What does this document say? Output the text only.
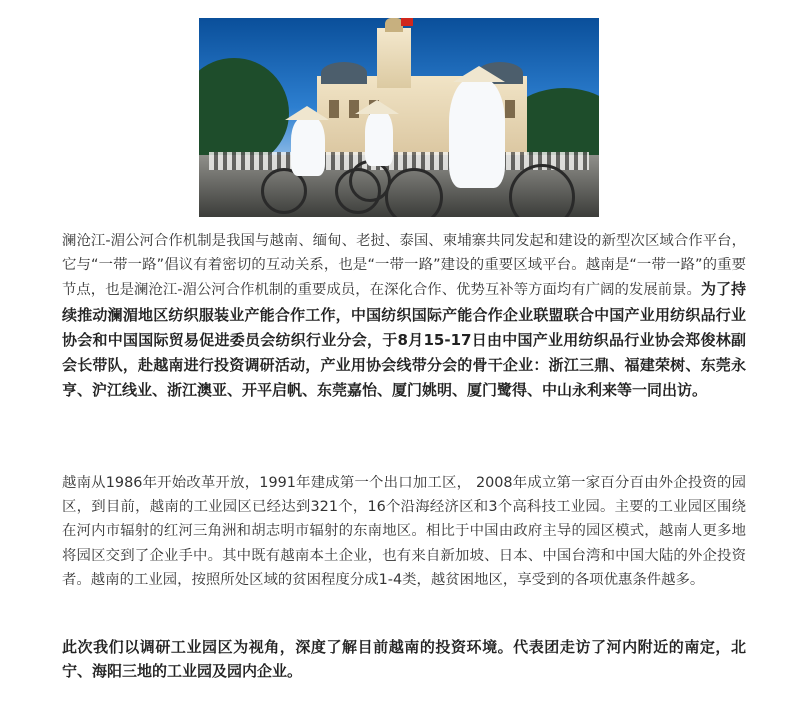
澜沧江-湄公河合作机制是我国与越南、缅甸、老挝、泰国、柬埔寨共同发起和建设的新型次区域合作平台，它与“一带一路”倡议有着密切的互动关系，也是“一带一路”建设的重要区域平台。越南是“一带一路”的重要节点，也是澜沧江-湄公河合作机制的重要成员，在深化合作、优势互补等方面均有广阔的发展前景。为了持续推动澜湄地区纺织服装业产能合作工作，中国纺织国际产能合作企业联盟联合中国产业用纺织品行业协会和中国国际贸易促进委员会纺织行业分会，于8月15-17日由中国产业用纺织品行业协会郑俊林副会长带队，赴越南进行投资调研活动，产业用协会线带分会的骨干企业：浙江三鼎、福建荣树、东莞永亨、沪江线业、浙江澳亚、开平启帆、东莞嘉怡、厦门姚明、厦门鹭得、中山永利来等一同出访。

越南从1986年开始改革开放，1991年建成第一个出口加工区， 2008年成立第一家百分百由外企投资的园区，到目前，越南的工业园区已经达到321个，16个沿海经济区和3个高科技工业园。主要的工业园区围绕在河内市辐射的红河三角洲和胡志明市辐射的东南地区。相比于中国由政府主导的园区模式，越南人更多地将园区交到了企业手中。其中既有越南本土企业，也有来自新加坡、日本、中国台湾和中国大陆的外企投资者。越南的工业园，按照所处区域的贫困程度分成1-4类，越贫困地区，享受到的各项优惠条件越多。

此次我们以调研工业园区为视角，深度了解目前越南的投资环境。代表团走访了河内附近的南定，北宁、海阳三地的工业园及园内企业。
